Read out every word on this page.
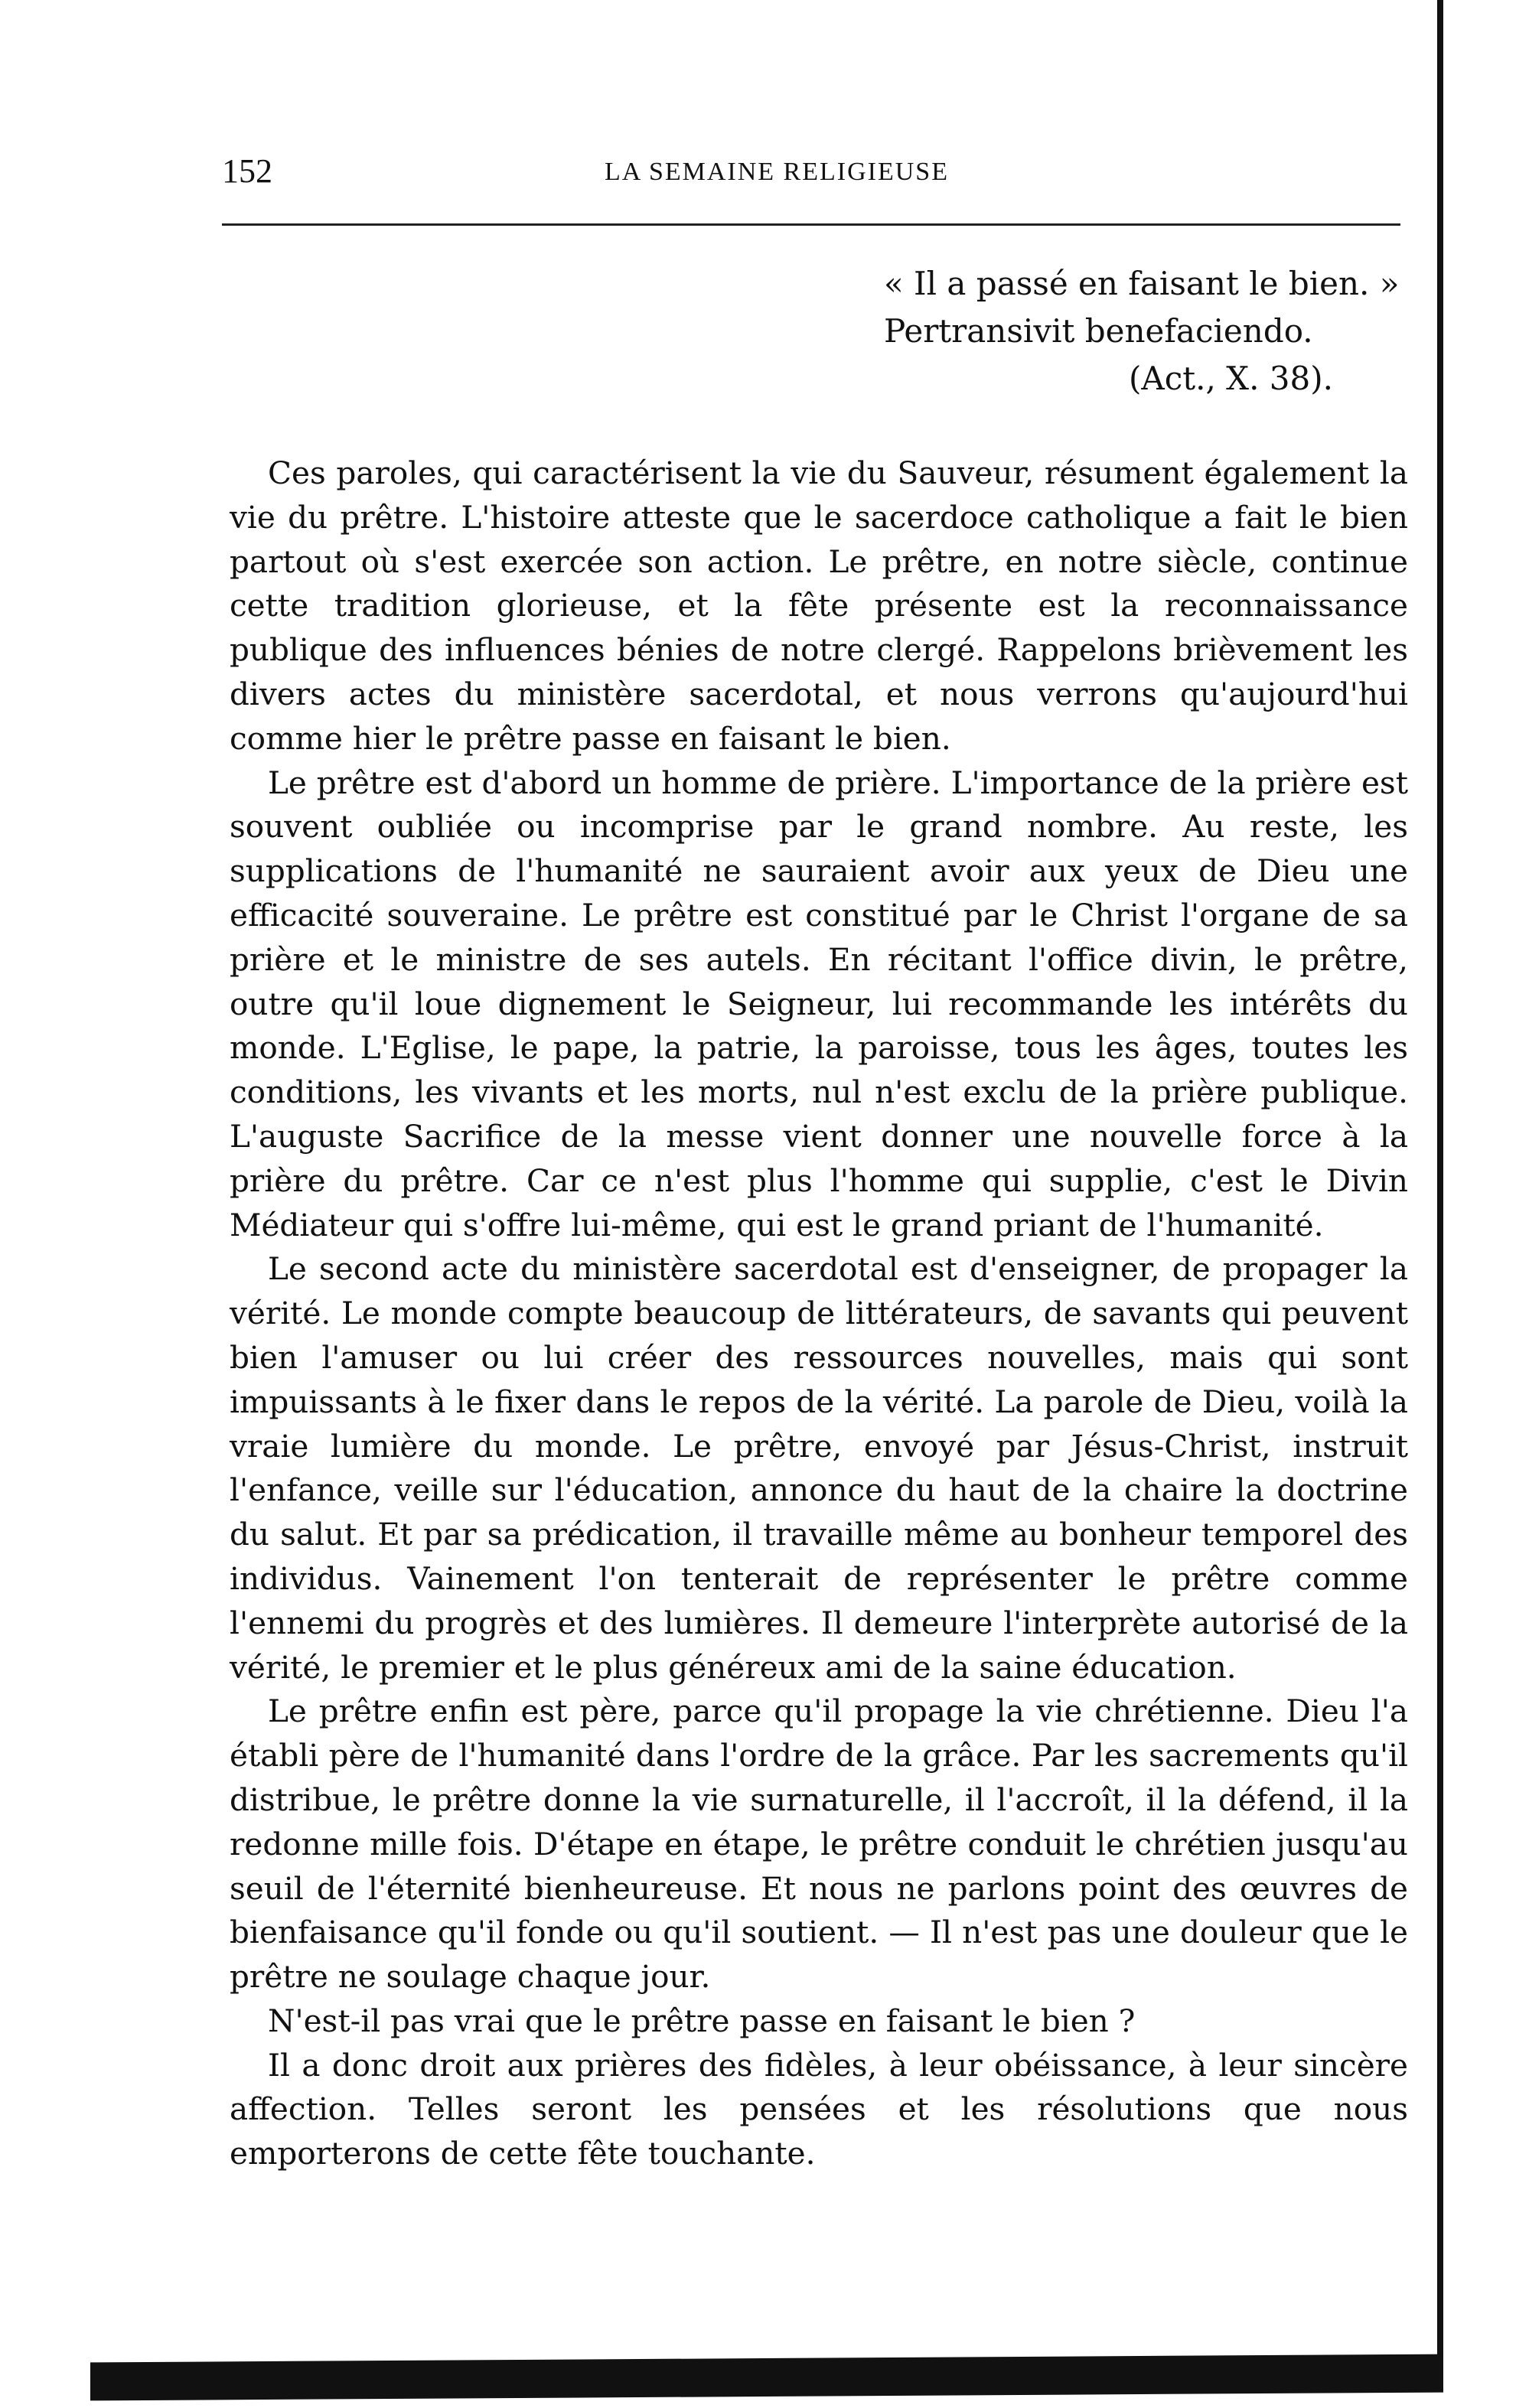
152	LA SEMAINE RELIGIEUSE
« Il a passé en faisant le bien. »
Pertransivit benefaciendo.
(Act., X. 38).

Ces paroles, qui caractérisent la vie du Sauveur, résument également la vie du prêtre. L'histoire atteste que le sacerdoce catholique a fait le bien partout où s'est exercée son action. Le prêtre, en notre siècle, continue cette tradition glorieuse, et la fête présente est la reconnaissance publique des influences bénies de notre clergé. Rappelons brièvement les divers actes du ministère sacerdotal, et nous verrons qu'aujourd'hui comme hier le prêtre passe en faisant le bien.

Le prêtre est d'abord un homme de prière. L'importance de la prière est souvent oubliée ou incomprise par le grand nombre. Au reste, les supplications de l'humanité ne sauraient avoir aux yeux de Dieu une efficacité souveraine. Le prêtre est constitué par le Christ l'organe de sa prière et le ministre de ses autels. En récitant l'office divin, le prêtre, outre qu'il loue dignement le Seigneur, lui recommande les intérêts du monde. L'Eglise, le pape, la patrie, la paroisse, tous les âges, toutes les conditions, les vivants et les morts, nul n'est exclu de la prière publique. L'auguste Sacrifice de la messe vient donner une nouvelle force à la prière du prêtre. Car ce n'est plus l'homme qui supplie, c'est le Divin Médiateur qui s'offre lui-même, qui est le grand priant de l'humanité.

Le second acte du ministère sacerdotal est d'enseigner, de propager la vérité. Le monde compte beaucoup de littérateurs, de savants qui peuvent bien l'amuser ou lui créer des ressources nouvelles, mais qui sont impuissants à le fixer dans le repos de la vérité. La parole de Dieu, voilà la vraie lumière du monde. Le prêtre, envoyé par Jésus-Christ, instruit l'enfance, veille sur l'éducation, annonce du haut de la chaire la doctrine du salut. Et par sa prédication, il travaille même au bonheur temporel des individus. Vainement l'on tenterait de représenter le prêtre comme l'ennemi du progrès et des lumières. Il demeure l'interprète autorisé de la vérité, le premier et le plus généreux ami de la saine éducation.

Le prêtre enfin est père, parce qu'il propage la vie chrétienne. Dieu l'a établi père de l'humanité dans l'ordre de la grâce. Par les sacrements qu'il distribue, le prêtre donne la vie surnaturelle, il l'accroît, il la défend, il la redonne mille fois. D'étape en étape, le prêtre conduit le chrétien jusqu'au seuil de l'éternité bienheureuse. Et nous ne parlons point des œuvres de bienfaisance qu'il fonde ou qu'il soutient. — Il n'est pas une douleur que le prêtre ne soulage chaque jour.

N'est-il pas vrai que le prêtre passe en faisant le bien ?

Il a donc droit aux prières des fidèles, à leur obéissance, à leur sincère affection. Telles seront les pensées et les résolutions que nous emporterons de cette fête touchante.
